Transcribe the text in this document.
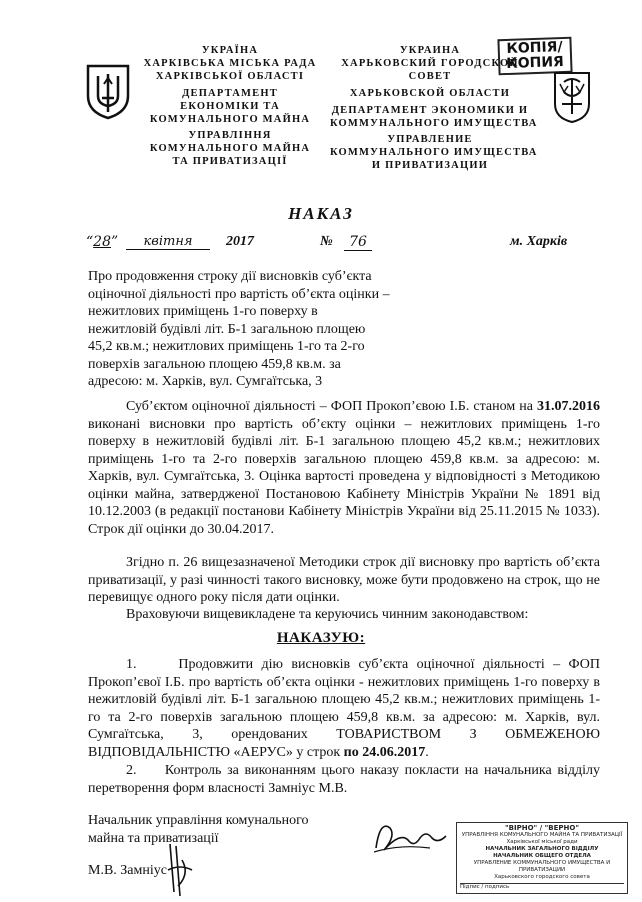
УКРАЇНА
ХАРКІВСЬКА МІСЬКА РАДА
ХАРКІВСЬКОЇ ОБЛАСТІ
ДЕПАРТАМЕНТ
ЕКОНОМІКИ ТА
КОМУНАЛЬНОГО МАЙНА
УПРАВЛІННЯ
КОМУНАЛЬНОГО МАЙНА
ТА ПРИВАТИЗАЦІЇ
УКРАИНА
ХАРЬКОВСКИЙ ГОРОДСКОЙ
СОВЕТ
ХАРЬКОВСКОЙ ОБЛАСТИ
ДЕПАРТАМЕНТ ЭКОНОМИКИ И
КОММУНАЛЬНОГО ИМУЩЕСТВА
УПРАВЛЕНИЕ
КОММУНАЛЬНОГО ИМУЩЕСТВА
И ПРИВАТИЗАЦИИ
КОПІЯ/
КОПИЯ
НАКАЗ
“28”	квітня	2017	№	76	м. Харків
Про продовження строку дії висновків суб’єкта
оціночної діяльності про вартість об’єкта оцінки –
нежитлових приміщень 1-го поверху в
нежитловій будівлі літ. Б-1 загальною площею
45,2 кв.м.; нежитлових приміщень 1-го та 2-го
поверхів загальною площею 459,8 кв.м. за
адресою: м. Харків, вул. Сумгаїтська, 3
Суб’єктом оціночної діяльності – ФОП Прокоп’євою І.Б. станом на 31.07.2016 виконані висновки про вартість об’єкту оцінки – нежитлових приміщень 1-го поверху в нежитловій будівлі літ. Б-1 загальною площею 45,2 кв.м.; нежитлових приміщень 1-го та 2-го поверхів загальною площею 459,8 кв.м. за адресою: м. Харків, вул. Сумгаїтська, 3. Оцінка вартості проведена у відповідності з Методикою оцінки майна, затвердженої Постановою Кабінету Міністрів України № 1891 від 10.12.2003 (в редакції постанови Кабінету Міністрів України від 25.11.2015 № 1033). Строк дії оцінки до 30.04.2017.
Згідно п. 26 вищезазначеної Методики строк дії висновку про вартість об’єкта приватизації, у разі чинності такого висновку, може бути продовжено на строк, що не перевищує одного року після дати оцінки.
Враховуючи вищевикладене та керуючись чинним законодавством:
НАКАЗУЮ:
1.	Продовжити дію висновків суб’єкта оціночної діяльності – ФОП Прокоп’євої І.Б. про вартість об’єкта оцінки - нежитлових приміщень 1-го поверху в нежитловій будівлі літ. Б-1 загальною площею 45,2 кв.м.; нежитлових приміщень 1-го та 2-го поверхів загальною площею 459,8 кв.м. за адресою: м. Харків, вул. Сумгаїтська, 3, орендованих ТОВАРИСТВОМ З ОБМЕЖЕНОЮ ВІДПОВІДАЛЬНІСТЮ «АЕРУС» у строк по 24.06.2017.
2. Контроль за виконанням цього наказу покласти на начальника відділу перетворення форм власності Замніус М.В.
Начальник управління комунального
майна та приватизації
М.В. Замніус
"ВІРНО" / "ВЕРНО"
УПРАВЛІННЯ КОМУНАЛЬНОГО МАЙНА ТА ПРИВАТИЗАЦІЇ
Харківської міської ради
НАЧАЛЬНИК ЗАГАЛЬНОГО ВІДДІЛУ
НАЧАЛЬНИК ОБЩЕГО ОТДЕЛА
УПРАВЛЕНИЕ КОММУНАЛЬНОГО ИМУЩЕСТВА И ПРИВАТИЗАЦИИ
Харьковского городского совета
Підпис / подпись
